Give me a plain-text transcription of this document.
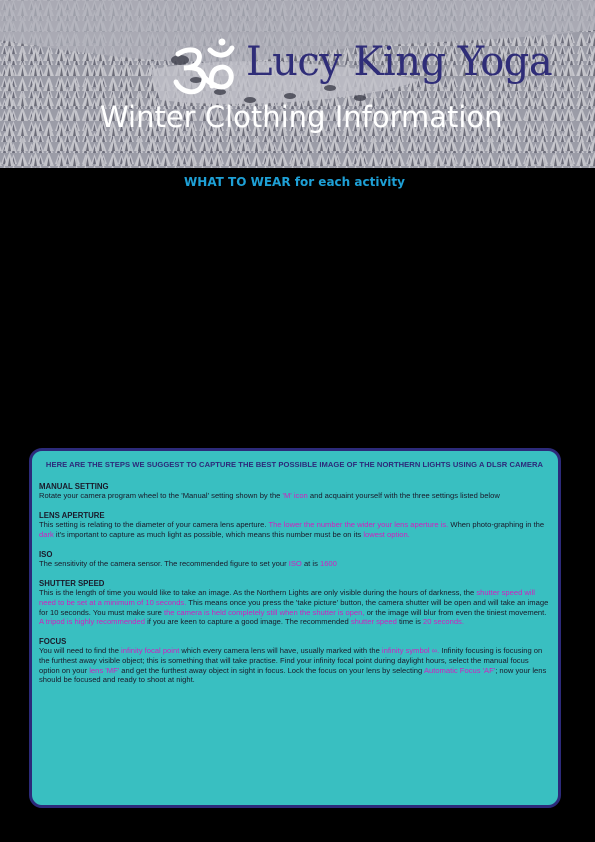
Lucy King Yoga
Winter Clothing Information
WHAT TO WEAR for each activity
HERE ARE THE STEPS WE SUGGEST TO CAPTURE THE BEST POSSIBLE IMAGE OF THE NORTHERN LIGHTS USING A DLSR CAMERA
MANUAL SETTING

Rotate your camera program wheel to the 'Manual' setting shown by the 'M' icon and acquaint yourself with the three settings listed below

LENS APERTURE

This setting is relating to the diameter of your camera lens aperture. The lower the number the wider your lens aperture is. When photo-graphing in the dark it's important to capture as much light as possible, which means this number must be on its lowest option.

ISO

The sensitivity of the camera sensor. The recommended figure to set your ISO at is 1600

SHUTTER SPEED

This is the length of time you would like to take an image. As the Northern Lights are only visible during the hours of darkness, the shutter speed will need to be set at a minimum of 10 seconds. This means once you press the 'take picture' button, the camera shutter will be open and will take an image for 10 seconds. You must make sure the camera is held completely still when the shutter is open, or the image will blur from even the tiniest movement. A tripod is highly recommended if you are keen to capture a good image. The recommended shutter speed time is 20 seconds.

FOCUS

You will need to find the infinity focal point which every camera lens will have, usually marked with the infinity symbol ∞. Infinity focusing is focusing on the furthest away visible object; this is something that will take practise. Find your infinity focal point during daylight hours, select the manual focus option on your lens 'MF' and get the furthest away object in sight in focus. Lock the focus on your lens by selecting Automatic Focus 'AF'; now your lens should be focused and ready to shoot at night.
